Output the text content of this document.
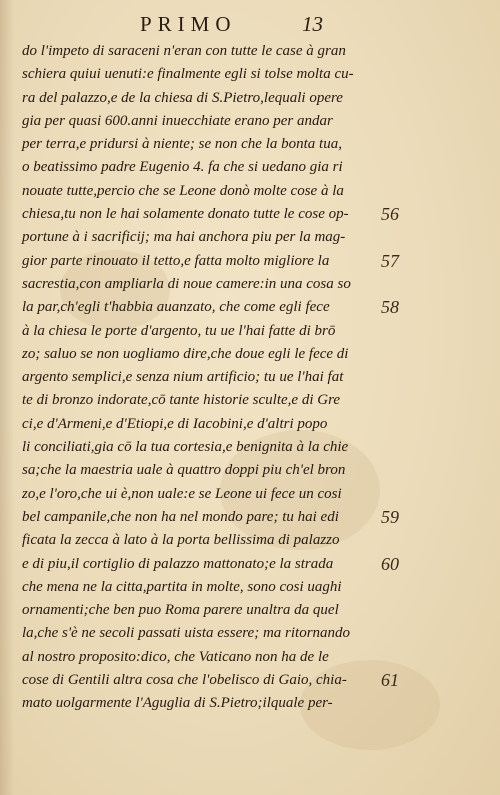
PRIMO	13
do l'impeto di saraceni n'eran con tutte le case à gran
schiera quiui uenuti:e finalmente egli si tolse molta cu-
ra del palazzo,e de la chiesa di S.Pietro,lequali opere
gia per quasi 600.anni inuecchiate erano per andar
per terra,e pridursi à niente; se non che la bonta tua,
o beatissimo padre Eugenio 4. fa che si uedano gia ri
nouate tutte,percio che se Leone donò molte cose à la
chiesa,tu non le hai solamente donato tutte le cose op-
portune à i sacrificij; ma hai anchora piu per la mag-
gior parte rinouato il tetto,e fatta molto migliore la
sacrestia,con ampliarla di noue camere:in una cosa so
la par,ch'egli t'habbia auanzato, che come egli fece
à la chiesa le porte d'argento, tu ue l'hai fatte di brō
zo; saluo se non uogliamo dire,che doue egli le fece di
argento semplici,e senza nium artificio; tu ue l'hai fat
te di bronzo indorate,cō tante historie sculte,e di Gre
ci,e d'Armeni,e d'Etiopi,e di Iacobini,e d'altri popo
li conciliati,gia cō la tua cortesia,e benignita à la chie
sa;che la maestria uale à quattro doppi piu ch'el bron
zo,e l'oro,che ui è,non uale:e se Leone ui fece un cosi
bel campanile,che non ha nel mondo pare; tu hai edi
ficata la zecca à lato à la porta bellissima di palazzo
e di piu,il cortiglio di palazzo mattonato;e la strada
che mena ne la citta,partita in molte, sono cosi uaghi
ornamenti;che ben puo Roma parere unaltra da quel
la,che s'è ne secoli passati uista essere; ma ritornando
al nostro proposito:dico, che Vaticano non ha de le
cose di Gentili altra cosa che l'obelisco di Gaio, chia-
mato uolgarmente l'Aguglia di S.Pietro;ilquale per-
56
57
58
59
60
61
